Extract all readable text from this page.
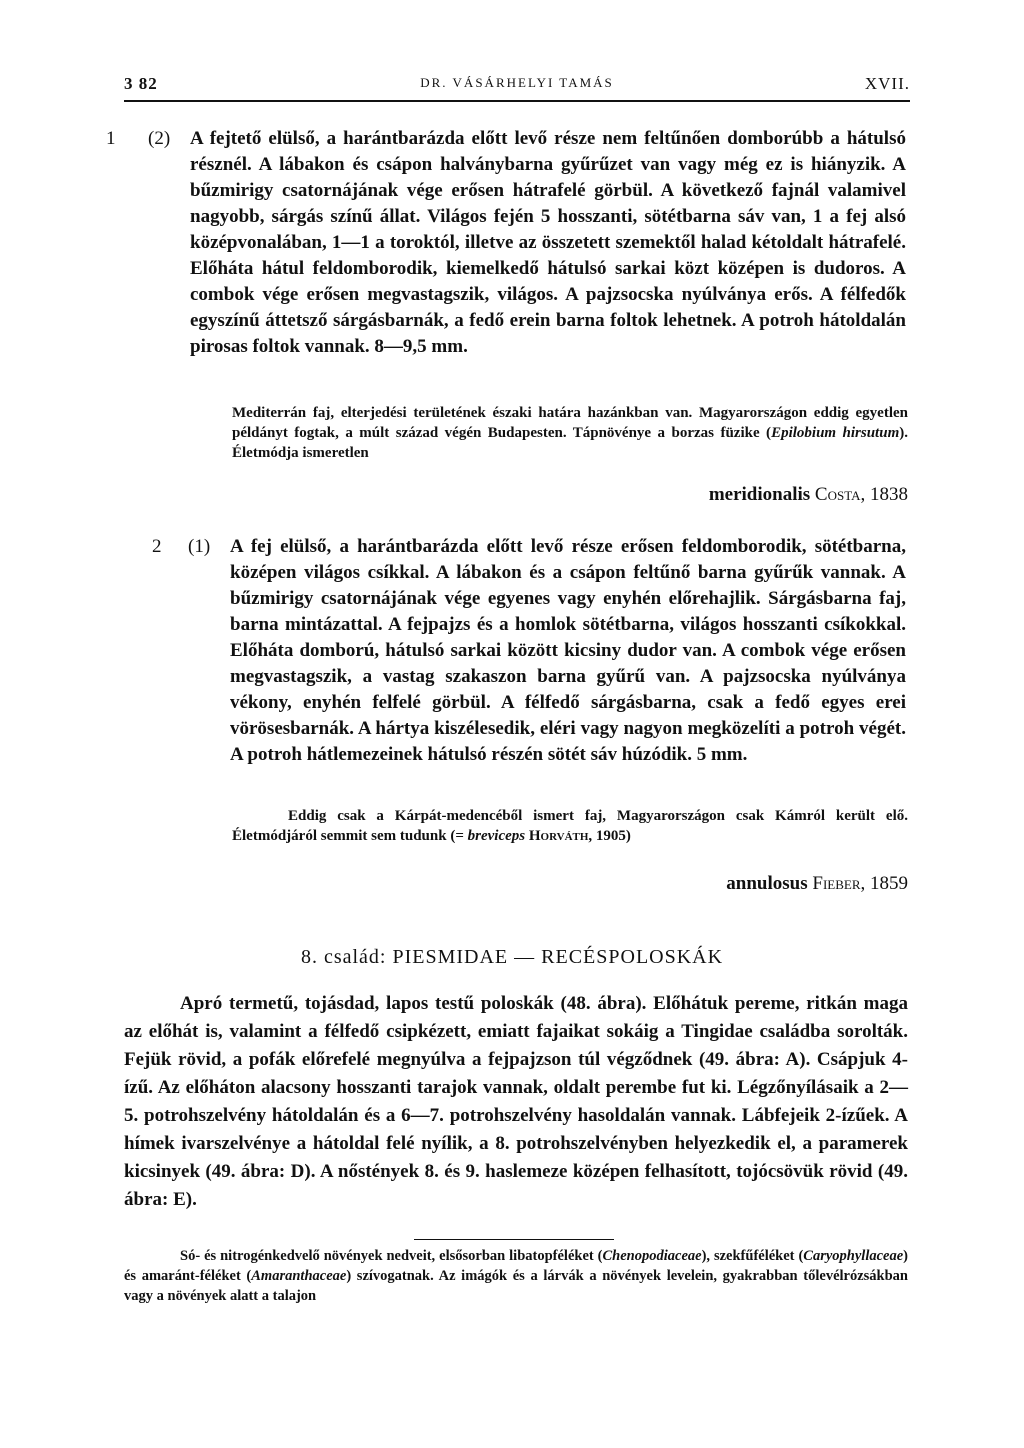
3 82	DR. VÁSÁRHELYI TAMÁS	XVII.
1 (2) A fejtető elülső, a harántbarázda előtt levő része nem feltűnően domborúbb a hátulsó résznél. A lábakon és csápon halványbarna gyűrűzet van vagy még ez is hiányzik. A bűzmirigy csatornájának vége erősen hátrafelé görbül. A következő fajnál valamivel nagyobb, sárgás színű állat. Világos fején 5 hosszanti, sötétbarna sáv van, 1 a fej alsó középvonalában, 1—1 a toroktól, illetve az összetett szemektől halad kétoldalt hátrafelé. Előháta hátul feldomborodik, kiemelkedő hátulsó sarkai közt középen is dudoros. A combok vége erősen megvastagszik, világos. A pajzsocska nyúlványa erős. A félfedők egyszínű áttetsző sárgásbarnák, a fedő erein barna foltok lehetnek. A potroh hátoldalán pirosas foltok vannak. 8—9,5 mm.

Mediterrán faj, elterjedési területének északi határa hazánkban van. Magyarországon eddig egyetlen példányt fogtak, a múlt század végén Budapesten. Tápnövénye a borzas füzike (Epilobium hirsutum). Életmódja ismeretlen
meridionalis Costa, 1838
2 (1) A fej elülső, a harántbarázda előtt levő része erősen feldomborodik, sötétbarna, középen világos csíkkal. A lábakon és a csápon feltűnő barna gyűrűk vannak. A bűzmirigy csatornájának vége egyenes vagy enyhén előrehajlik. Sárgásbarna faj, barna mintázattal. A fejpajzs és a homlok sötétbarna, világos hosszanti csíkokkal. Előháta domború, hátulsó sarkai között kicsiny dudor van. A combok vége erősen megvastagszik, a vastag szakaszon barna gyűrű van. A pajzsocska nyúlványa vékony, enyhén felfelé görbül. A félfedő sárgásbarna, csak a fedő egyes erei vörösesbarnák. A hártya kiszélesedik, eléri vagy nagyon megközelíti a potroh végét. A potroh hátlemezeinek hátulsó részén sötét sáv húzódik. 5 mm.

Eddig csak a Kárpát-medencéből ismert faj, Magyarországon csak Kámról került elő. Életmódjáról semmit sem tudunk (= breviceps Horváth, 1905)
annulosus Fieber, 1859
8. család: PIESMIDAE — RECÉSPOLOSKÁK
Apró termetű, tojásdad, lapos testű poloskák (48. ábra). Előhátuk pereme, ritkán maga az előhát is, valamint a félfedő csipkézett, emiatt fajaikat sokáig a Tingidae családba sorolták. Fejük rövid, a pofák előrefelé megnyúlva a fejpajzson túl végződnek (49. ábra: A). Csápjuk 4-ízű. Az előháton alacsony hosszanti tarajok vannak, oldalt perembe fut ki. Légzőnyílásaik a 2—5. potrohszelvény hátoldalán és a 6—7. potrohszelvény hasoldalán vannak. Lábfejeik 2-ízűek. A hímek ivarszelvénye a hátoldal felé nyílik, a 8. potrohszelvényben helyezkedik el, a paramerek kicsinyek (49. ábra: D). A nőstények 8. és 9. haslemeze középen felhasított, tojócsövük rövid (49. ábra: E).
Só- és nitrogénkedvelő növények nedveit, elsősorban libatopféléket (Chenopodiaceae), szekfűféléket (Caryophyllaceae) és amaránt-féléket (Amaranthaceae) szívogatnak. Az imágók és a lárvák a növények levelein, gyakrabban tőlevélrózsákban vagy a növények alatt a talajon
